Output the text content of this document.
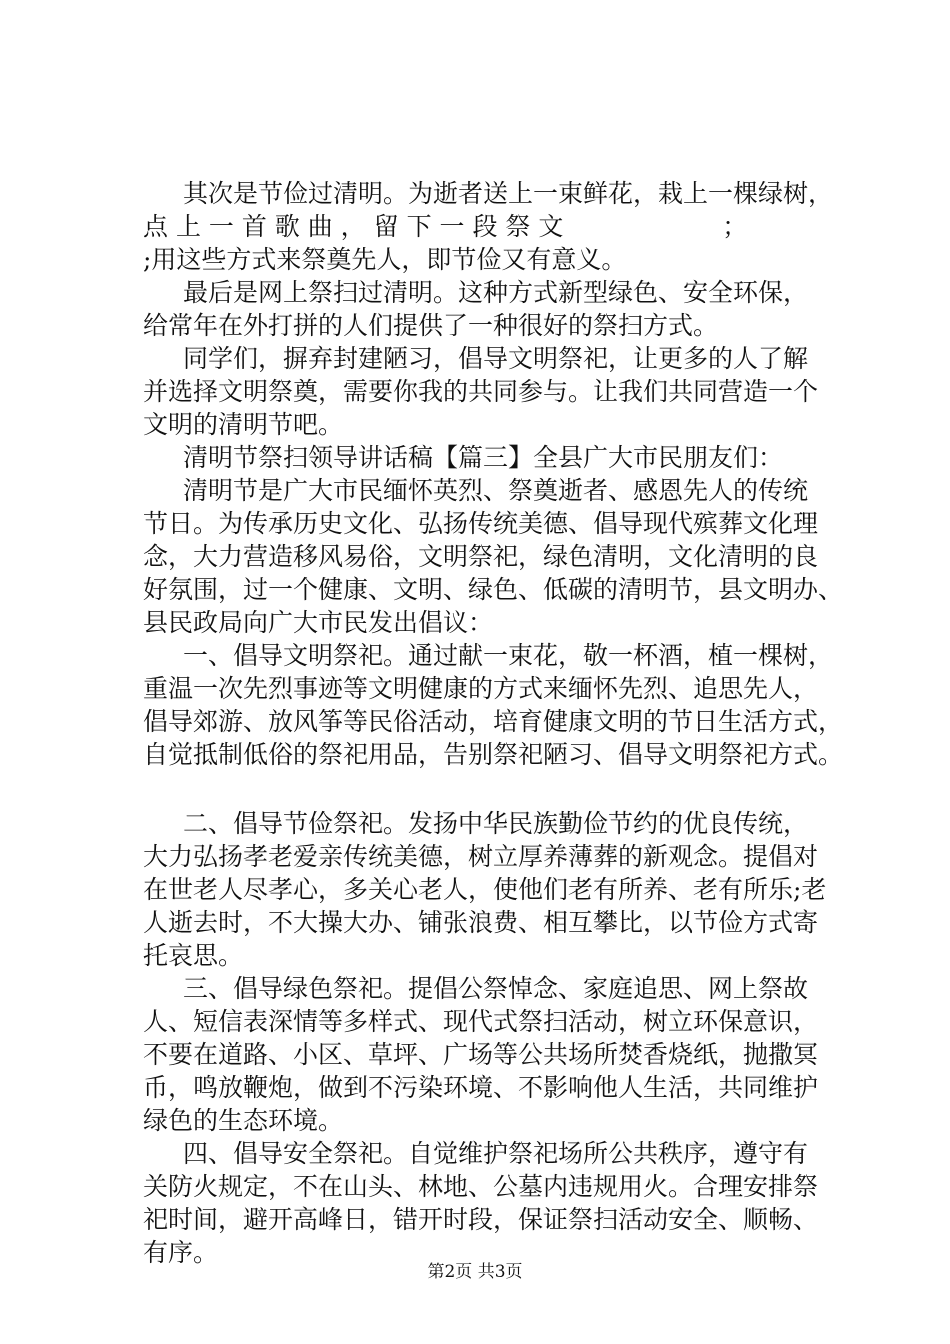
其次是节俭过清明。为逝者送上一束鲜花，栽上一棵绿树，
点 上 一 首 歌 曲 ， 留 下 一 段 祭 文                    ；
;用这些方式来祭奠先人，即节俭又有意义。
最后是网上祭扫过清明。这种方式新型绿色、安全环保，
给常年在外打拼的人们提供了一种很好的祭扫方式。
同学们，摒弃封建陋习，倡导文明祭祀，让更多的人了解
并选择文明祭奠，需要你我的共同参与。让我们共同营造一个
文明的清明节吧。
清明节祭扫领导讲话稿【篇三】全县广大市民朋友们：
清明节是广大市民缅怀英烈、祭奠逝者、感恩先人的传统
节日。为传承历史文化、弘扬传统美德、倡导现代殡葬文化理
念，大力营造移风易俗，文明祭祀，绿色清明，文化清明的良
好氛围，过一个健康、文明、绿色、低碳的清明节，县文明办、
县民政局向广大市民发出倡议：
一、倡导文明祭祀。通过献一束花，敬一杯酒，植一棵树，
重温一次先烈事迹等文明健康的方式来缅怀先烈、追思先人，
倡导郊游、放风筝等民俗活动，培育健康文明的节日生活方式，
自觉抵制低俗的祭祀用品，告别祭祀陋习、倡导文明祭祀方式。
二、倡导节俭祭祀。发扬中华民族勤俭节约的优良传统，
大力弘扬孝老爱亲传统美德，树立厚养薄葬的新观念。提倡对
在世老人尽孝心，多关心老人，使他们老有所养、老有所乐;老
人逝去时，不大操大办、铺张浪费、相互攀比，以节俭方式寄
托哀思。
三、倡导绿色祭祀。提倡公祭悼念、家庭追思、网上祭故
人、短信表深情等多样式、现代式祭扫活动，树立环保意识，
不要在道路、小区、草坪、广场等公共场所焚香烧纸，抛撒冥
币，鸣放鞭炮，做到不污染环境、不影响他人生活，共同维护
绿色的生态环境。
四、倡导安全祭祀。自觉维护祭祀场所公共秩序，遵守有
关防火规定，不在山头、林地、公墓内违规用火。合理安排祭
祀时间，避开高峰日，错开时段，保证祭扫活动安全、顺畅、
有序。
第2页 共3页
